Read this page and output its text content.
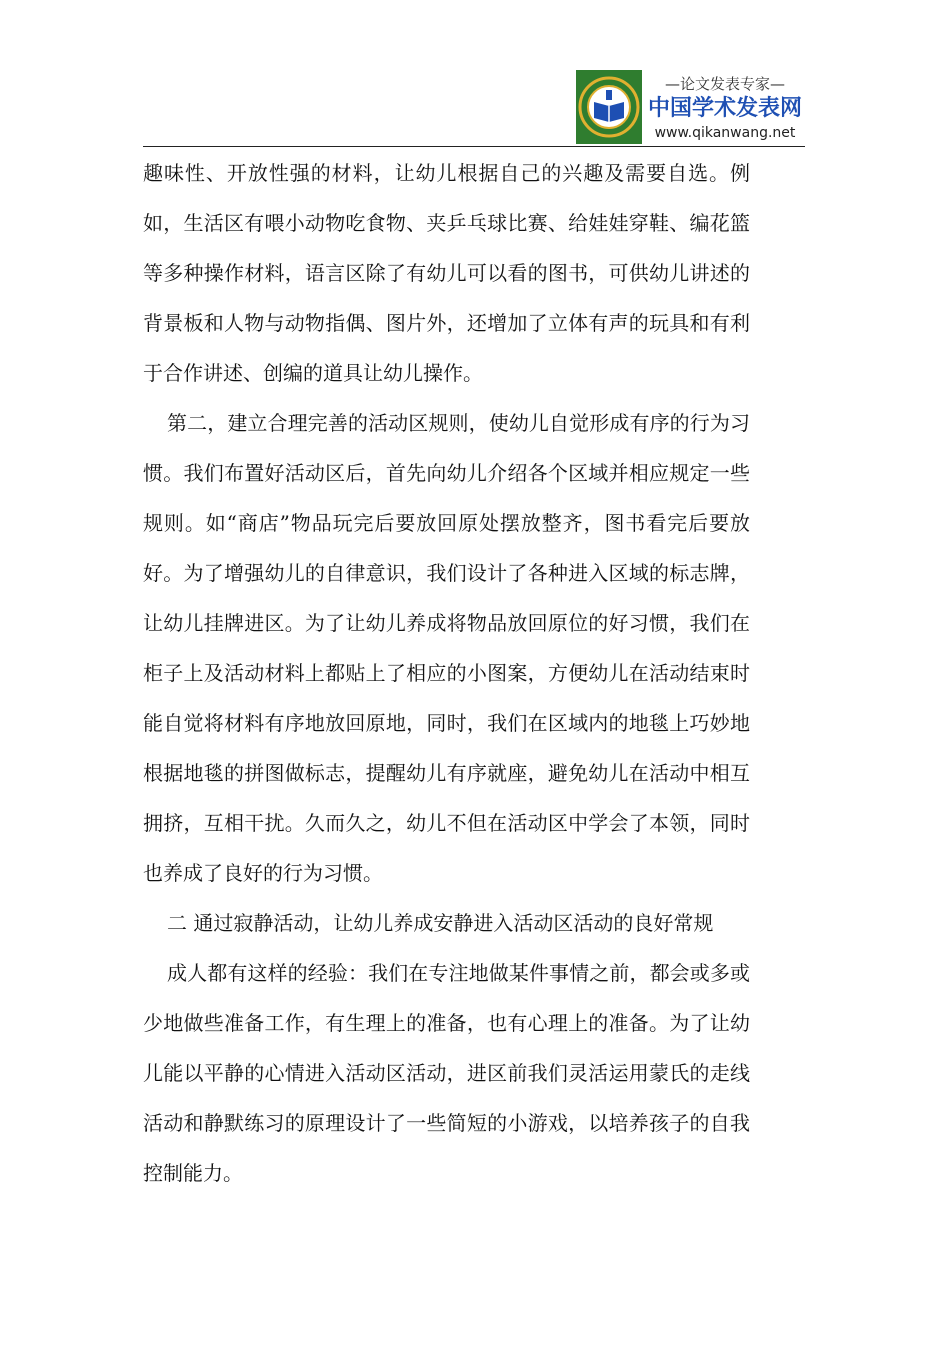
—论文发表专家—
中国学术发表网
www.qikanwang.net

趣味性、开放性强的材料，让幼儿根据自己的兴趣及需要自选。例如，生活区有喂小动物吃食物、夹乒乓球比赛、给娃娃穿鞋、编花篮等多种操作材料，语言区除了有幼儿可以看的图书，可供幼儿讲述的背景板和人物与动物指偶、图片外，还增加了立体有声的玩具和有利于合作讲述、创编的道具让幼儿操作。

第二，建立合理完善的活动区规则，使幼儿自觉形成有序的行为习惯。我们布置好活动区后，首先向幼儿介绍各个区域并相应规定一些规则。如“商店”物品玩完后要放回原处摆放整齐，图书看完后要放好。为了增强幼儿的自律意识，我们设计了各种进入区域的标志牌，让幼儿挂牌进区。为了让幼儿养成将物品放回原位的好习惯，我们在柜子上及活动材料上都贴上了相应的小图案，方便幼儿在活动结束时能自觉将材料有序地放回原地，同时，我们在区域内的地毯上巧妙地根据地毯的拼图做标志，提醒幼儿有序就座，避免幼儿在活动中相互拥挤，互相干扰。久而久之，幼儿不但在活动区中学会了本领，同时也养成了良好的行为习惯。

二 通过寂静活动，让幼儿养成安静进入活动区活动的良好常规

成人都有这样的经验：我们在专注地做某件事情之前，都会或多或少地做些准备工作，有生理上的准备，也有心理上的准备。为了让幼儿能以平静的心情进入活动区活动，进区前我们灵活运用蒙氏的走线活动和静默练习的原理设计了一些简短的小游戏，以培养孩子的自我控制能力。
